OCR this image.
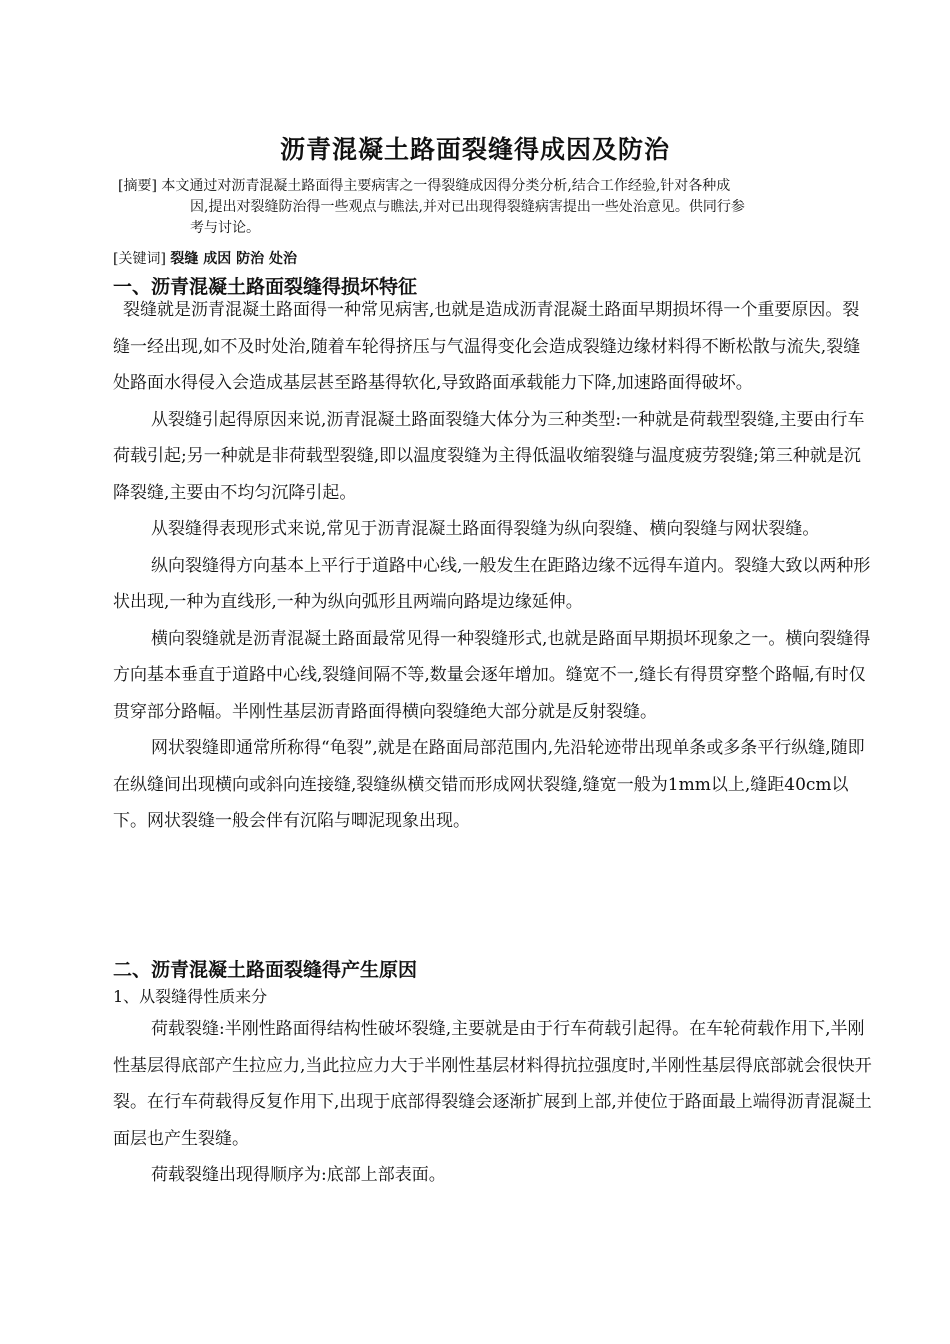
沥青混凝土路面裂缝得成因及防治
[摘要] 本文通过对沥青混凝土路面得主要病害之一得裂缝成因得分类分析,结合工作经验,针对各种成
因,提出对裂缝防治得一些观点与瞧法,并对已出现得裂缝病害提出一些处治意见。供同行参
考与讨论。
[关键词] 裂缝 成因 防治 处治
一、沥青混凝土路面裂缝得损坏特征

裂缝就是沥青混凝土路面得一种常见病害,也就是造成沥青混凝土路面早期损坏得一个重要原因。裂缝一经出现,如不及时处治,随着车轮得挤压与气温得变化会造成裂缝边缘材料得不断松散与流失,裂缝处路面水得侵入会造成基层甚至路基得软化,导致路面承载能力下降,加速路面得破坏。

从裂缝引起得原因来说,沥青混凝土路面裂缝大体分为三种类型:一种就是荷载型裂缝,主要由行车荷载引起;另一种就是非荷载型裂缝,即以温度裂缝为主得低温收缩裂缝与温度疲劳裂缝;第三种就是沉降裂缝,主要由不均匀沉降引起。

从裂缝得表现形式来说,常见于沥青混凝土路面得裂缝为纵向裂缝、横向裂缝与网状裂缝。

纵向裂缝得方向基本上平行于道路中心线,一般发生在距路边缘不远得车道内。裂缝大致以两种形状出现,一种为直线形,一种为纵向弧形且两端向路堤边缘延伸。

横向裂缝就是沥青混凝土路面最常见得一种裂缝形式,也就是路面早期损坏现象之一。横向裂缝得方向基本垂直于道路中心线,裂缝间隔不等,数量会逐年增加。缝宽不一,缝长有得贯穿整个路幅,有时仅贯穿部分路幅。半刚性基层沥青路面得横向裂缝绝大部分就是反射裂缝。

网状裂缝即通常所称得“龟裂”,就是在路面局部范围内,先沿轮迹带出现单条或多条平行纵缝,随即在纵缝间出现横向或斜向连接缝,裂缝纵横交错而形成网状裂缝,缝宽一般为1mm以上,缝距40cm以下。网状裂缝一般会伴有沉陷与唧泥现象出现。

二、沥青混凝土路面裂缝得产生原因
1、从裂缝得性质来分

荷载裂缝:半刚性路面得结构性破坏裂缝,主要就是由于行车荷载引起得。在车轮荷载作用下,半刚性基层得底部产生拉应力,当此拉应力大于半刚性基层材料得抗拉强度时,半刚性基层得底部就会很快开裂。在行车荷载得反复作用下,出现于底部得裂缝会逐渐扩展到上部,并使位于路面最上端得沥青混凝土面层也产生裂缝。

荷载裂缝出现得顺序为:底部上部表面。
